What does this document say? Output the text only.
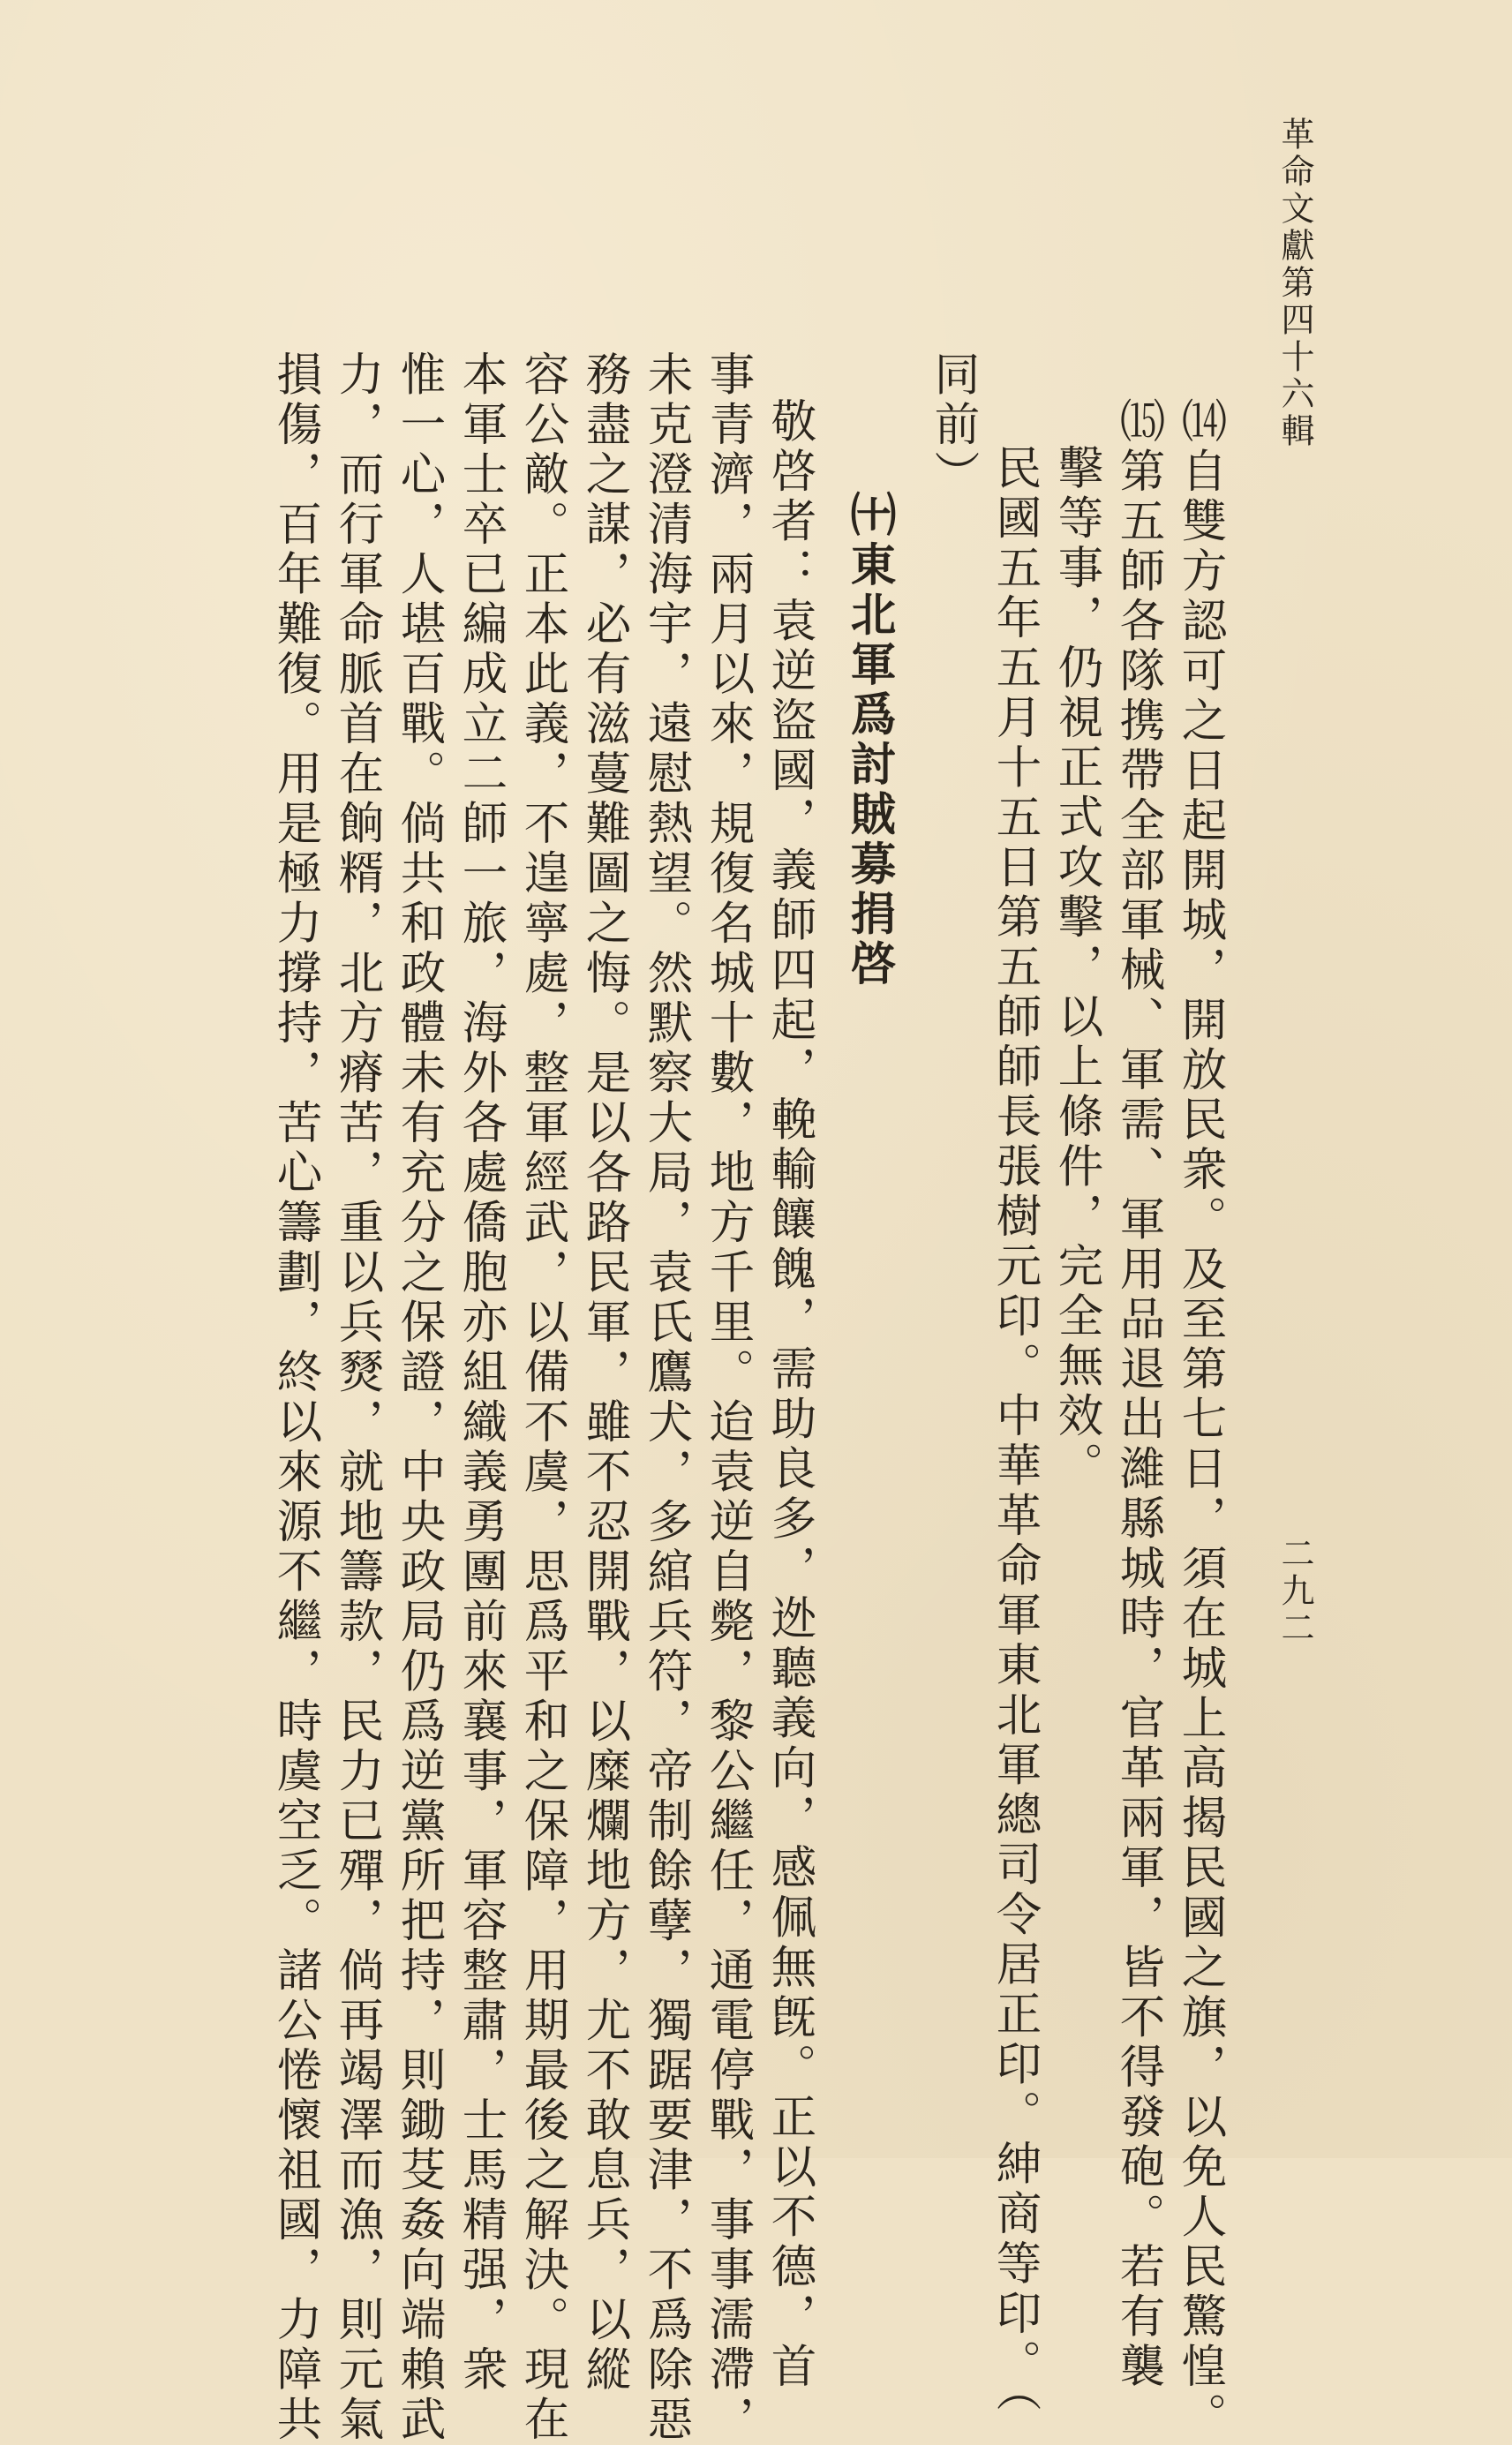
革命文獻第四十六輯
二九二
⒁自雙方認可之日起開城，開放民衆。及至第七日，須在城上高揭民國之旗，以免人民驚惶。
⒂第五師各隊携帶全部軍械、軍需、軍用品退出濰縣城時，官革兩軍，皆不得發砲。若有襲
擊等事，仍視正式攻擊，以上條件，完全無效。
民國五年五月十五日第五師師長張樹元印。中華革命軍東北軍總司令居正印。紳商等印。（
同前）
㈩東北軍爲討賊募捐啓
敬啓者：袁逆盜國，義師四起，輓輸饟餽，需助良多，迯聽義向，感佩無旣。正以不德，首
事青濟，兩月以來，規復名城十數，地方千里。迨袁逆自斃，黎公繼任，通電停戰，事事濡滯，
未克澄清海宇，遠慰熱望。然默察大局，袁氏鷹犬，多綰兵符，帝制餘孽，獨踞要津，不爲除惡
務盡之謀，必有滋蔓難圖之悔。是以各路民軍，雖不忍開戰，以糜爛地方，尤不敢息兵，以縱
容公敵。正本此義，不遑寧處，整軍經武，以備不虞，思爲平和之保障，用期最後之解決。現在
本軍士卒已編成立二師一旅，海外各處僑胞亦組織義勇團前來襄事，軍容整肅，士馬精强，衆
惟一心，人堪百戰。倘共和政體未有充分之保證，中央政局仍爲逆黨所把持，則鋤芟姦向端賴武
力，而行軍命脈首在餉糈，北方瘠苦，重以兵燹，就地籌款，民力已殫，倘再竭澤而漁，則元氣
損傷，百年難復。用是極力撐持，苦心籌劃，終以來源不繼，時虞空乏。諸公惓懷祖國，力障共
